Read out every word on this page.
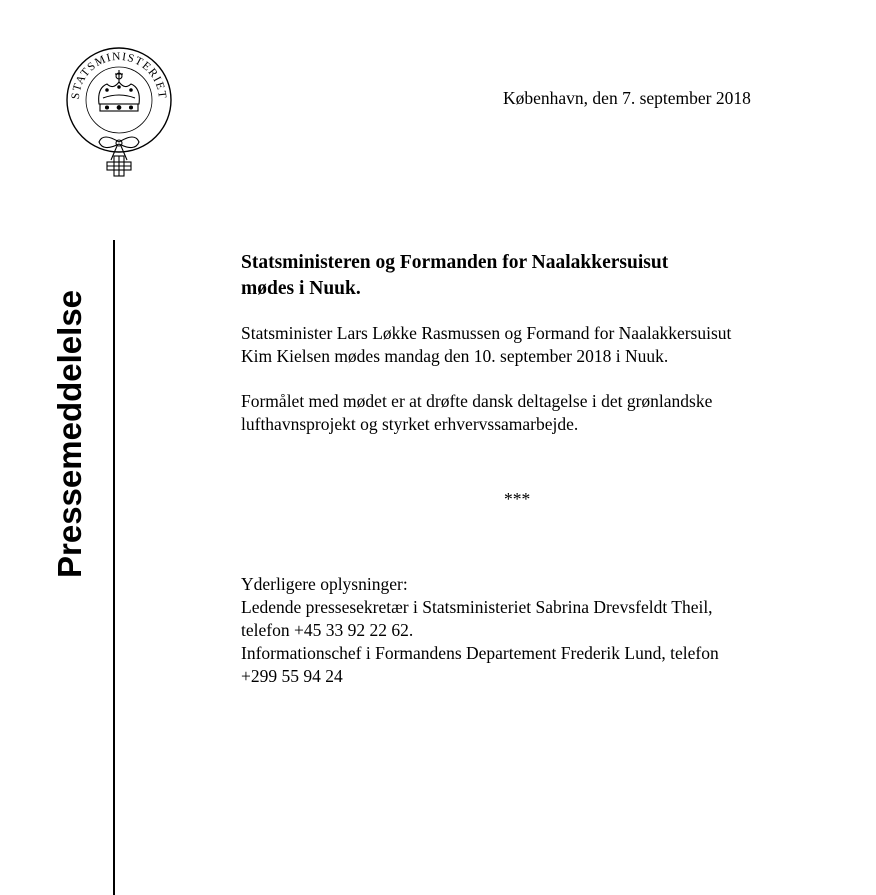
STATSMINISTERIET	København, den 7. september 2018
Pressemeddelelse
Statsministeren og Formanden for Naalakkersuisut
mødes i Nuuk.
Statsminister Lars Løkke Rasmussen og Formand for Naalakkersuisut
Kim Kielsen mødes mandag den 10. september 2018 i Nuuk.
Formålet med mødet er at drøfte dansk deltagelse i det grønlandske
lufthavnsprojekt og styrket erhvervssamarbejde.
***
Yderligere oplysninger:
Ledende pressesekretær i Statsministeriet Sabrina Drevsfeldt Theil,
telefon +45 33 92 22 62.
Informationschef i Formandens Departement Frederik Lund, telefon
+299 55 94 24
